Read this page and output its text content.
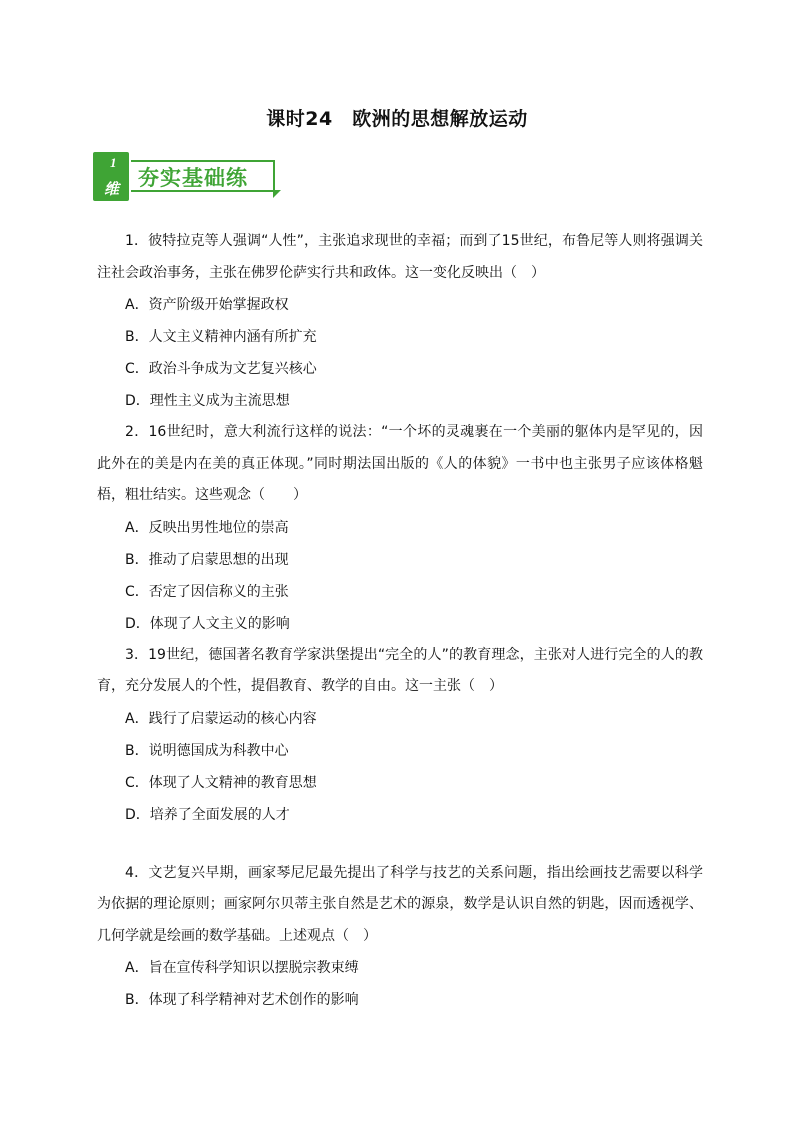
课时24　欧洲的思想解放运动
1
维 夯实基础练

1．彼特拉克等人强调“人性”，主张追求现世的幸福；而到了15世纪，布鲁尼等人则将强调关注社会政治事务，主张在佛罗伦萨实行共和政体。这一变化反映出（　）

A．资产阶级开始掌握政权

B．人文主义精神内涵有所扩充

C．政治斗争成为文艺复兴核心

D．理性主义成为主流思想

2．16世纪时，意大利流行这样的说法：“一个坏的灵魂裹在一个美丽的躯体内是罕见的，因此外在的美是内在美的真正体现。”同时期法国出版的《人的体貌》一书中也主张男子应该体格魁梧，粗壮结实。这些观念（　　）

A．反映出男性地位的崇高

B．推动了启蒙思想的出现

C．否定了因信称义的主张

D．体现了人文主义的影响

3．19世纪，德国著名教育学家洪堡提出“完全的人”的教育理念，主张对人进行完全的人的教育，充分发展人的个性，提倡教育、教学的自由。这一主张（　）

A．践行了启蒙运动的核心内容

B．说明德国成为科教中心

C．体现了人文精神的教育思想

D．培养了全面发展的人才

4．文艺复兴早期，画家琴尼尼最先提出了科学与技艺的关系问题，指出绘画技艺需要以科学为依据的理论原则；画家阿尔贝蒂主张自然是艺术的源泉，数学是认识自然的钥匙，因而透视学、几何学就是绘画的数学基础。上述观点（　）

A．旨在宣传科学知识以摆脱宗教束缚

B．体现了科学精神对艺术创作的影响
